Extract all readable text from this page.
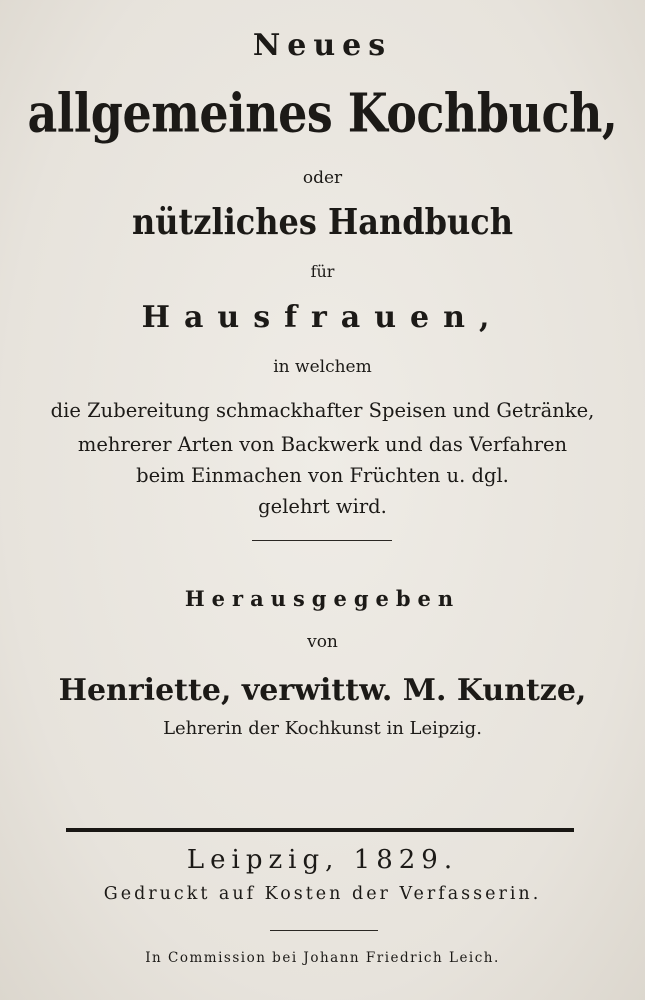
Neues
allgemeines Kochbuch,
oder
nützliches Handbuch
für
Hausfrauen,
in welchem
die Zubereitung schmackhafter Speisen und Getränke,
mehrerer Arten von Backwerk und das Verfahren
beim Einmachen von Früchten u. dgl.
gelehrt wird.
Herausgegeben
von
Henriette, verwittw. M. Kuntze,
Lehrerin der Kochkunst in Leipzig.
Leipzig, 1829.
Gedruckt auf Kosten der Verfasserin.
In Commission bei Johann Friedrich Leich.
